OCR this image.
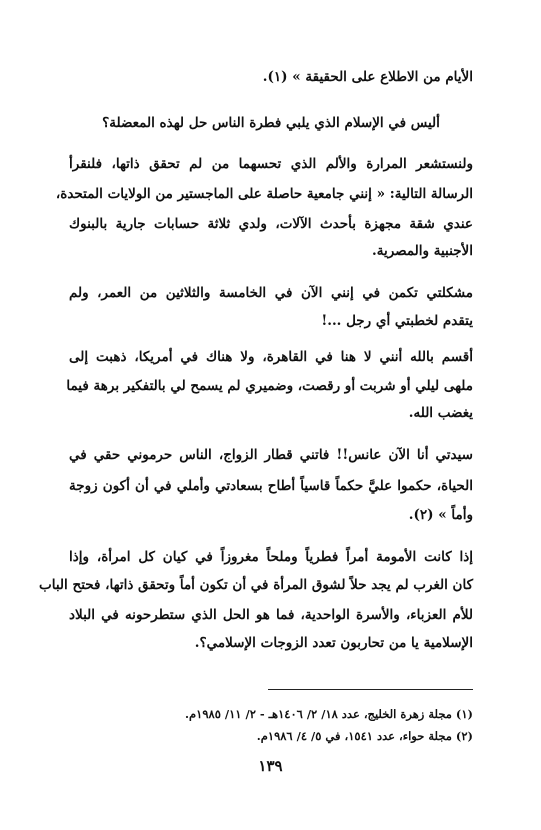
الأيام من الاطلاع على الحقيقة » (١).
أليس في الإسلام الذي يلبي فطرة الناس حل لهذه المعضلة؟
ولنستشعر المرارة والألم الذي تحسهما من لم تحقق ذاتها، فلنقرأ
الرسالة التالية: « إنني جامعية حاصلة على الماجستير من الولايات المتحدة،
عندي شقة مجهزة بأحدث الآلات، ولدي ثلاثة حسابات جارية بالبنوك
الأجنبية والمصرية.
مشكلتي تكمن في إنني الآن في الخامسة والثلاثين من العمر، ولم
يتقدم لخطبتي أي رجل ...!
أقسم بالله أنني لا هنا في القاهرة، ولا هناك في أمريكا، ذهبت إلى
ملهى ليلي أو شربت أو رقصت، وضميري لم يسمح لي بالتفكير برهة فيما
يغضب الله.
سيدتي أنا الآن عانس!! فاتني قطار الزواج، الناس حرموني حقي في
الحياة، حكموا عليَّ حكماً قاسياً أطاح بسعادتي وأملي في أن أكون زوجة
وأماً » (٢).
إذا كانت الأمومة أمراً فطرياً وملحاً مغروزاً في كيان كل امرأة، وإذا
كان الغرب لم يجد حلاً لشوق المرأة في أن تكون أماً وتحقق ذاتها، فحتح الباب
للأم العزباء، والأسرة الواحدية، فما هو الحل الذي ستطرحونه في البلاد
الإسلامية يا من تحاربون تعدد الزوجات الإسلامي؟.
(١) مجلة زهرة الخليج، عدد ١٨/ ٢/ ١٤٠٦هـ - ٢/ ١١/ ١٩٨٥م.
(٢) مجلة حواء، عدد ١٥٤١، في ٥/ ٤/ ١٩٨٦م.
١٣٩
